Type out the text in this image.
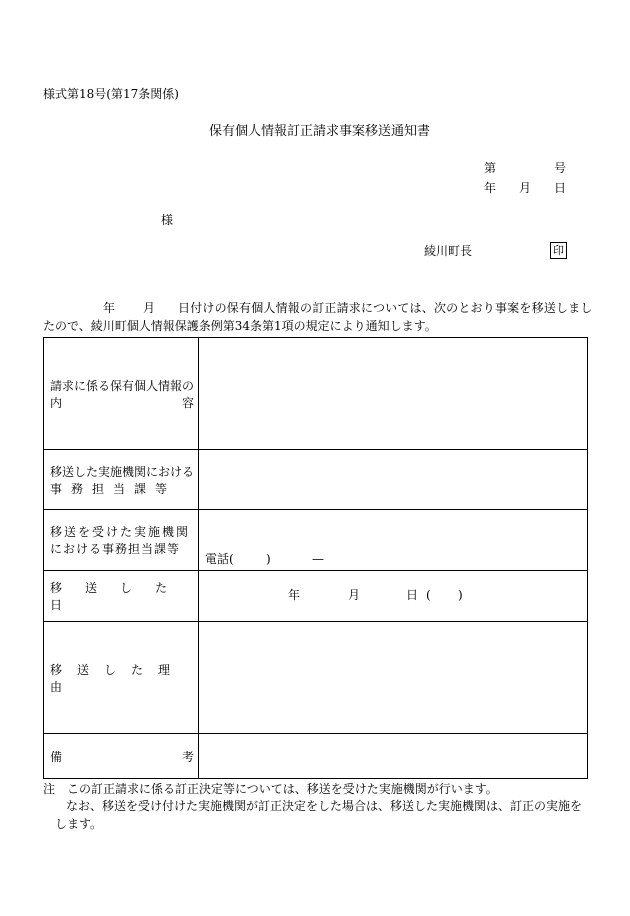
様式第18号(第17条関係)
保有個人情報訂正請求事案移送通知書
第	号
年 月 日
様
綾川町長	印
年 月 日付けの保有個人情報の訂正請求については、次のとおり事案を移送しまし
たので、綾川町個人情報保護条例第34条第1項の規定により通知します。
請求に係る保有個人情報の
内 容	

移送した実施機関における
事務担当課等	

移送を受けた実施機関
における事務担当課等	電話( ) —

移送した日	年 月 日( )

移送した理由	

備 考	

注　この訂正請求に係る訂正決定等については、移送を受けた実施機関が行います。
なお、移送を受け付けた実施機関が訂正決定をした場合は、移送した実施機関は、訂正の実施を
します。
